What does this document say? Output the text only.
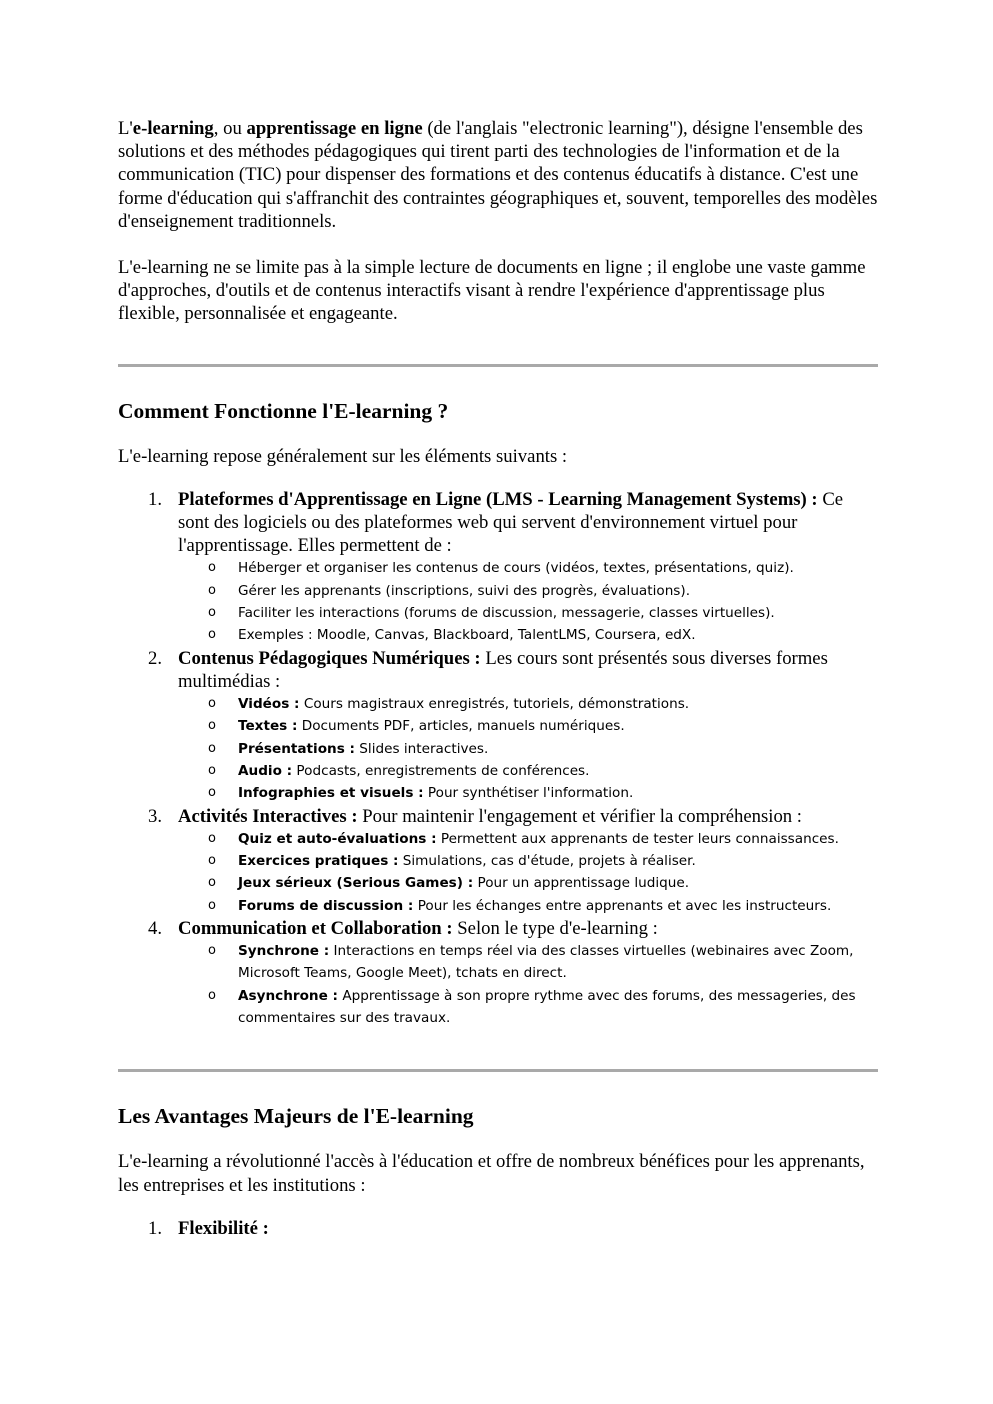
L'e-learning, ou apprentissage en ligne (de l'anglais "electronic learning"), désigne l'ensemble des solutions et des méthodes pédagogiques qui tirent parti des technologies de l'information et de la communication (TIC) pour dispenser des formations et des contenus éducatifs à distance. C'est une forme d'éducation qui s'affranchit des contraintes géographiques et, souvent, temporelles des modèles d'enseignement traditionnels.

L'e-learning ne se limite pas à la simple lecture de documents en ligne ; il englobe une vaste gamme d'approches, d'outils et de contenus interactifs visant à rendre l'expérience d'apprentissage plus flexible, personnalisée et engageante.

Comment Fonctionne l'E-learning ?

L'e-learning repose généralement sur les éléments suivants :

1. Plateformes d'Apprentissage en Ligne (LMS - Learning Management Systems) : Ce sont des logiciels ou des plateformes web qui servent d'environnement virtuel pour l'apprentissage. Elles permettent de :
o Héberger et organiser les contenus de cours (vidéos, textes, présentations, quiz).
o Gérer les apprenants (inscriptions, suivi des progrès, évaluations).
o Faciliter les interactions (forums de discussion, messagerie, classes virtuelles).
o Exemples : Moodle, Canvas, Blackboard, TalentLMS, Coursera, edX.
2. Contenus Pédagogiques Numériques : Les cours sont présentés sous diverses formes multimédias :
o Vidéos : Cours magistraux enregistrés, tutoriels, démonstrations.
o Textes : Documents PDF, articles, manuels numériques.
o Présentations : Slides interactives.
o Audio : Podcasts, enregistrements de conférences.
o Infographies et visuels : Pour synthétiser l'information.
3. Activités Interactives : Pour maintenir l'engagement et vérifier la compréhension :
o Quiz et auto-évaluations : Permettent aux apprenants de tester leurs connaissances.
o Exercices pratiques : Simulations, cas d'étude, projets à réaliser.
o Jeux sérieux (Serious Games) : Pour un apprentissage ludique.
o Forums de discussion : Pour les échanges entre apprenants et avec les instructeurs.
4. Communication et Collaboration : Selon le type d'e-learning :
o Synchrone : Interactions en temps réel via des classes virtuelles (webinaires avec Zoom, Microsoft Teams, Google Meet), tchats en direct.
o Asynchrone : Apprentissage à son propre rythme avec des forums, des messageries, des commentaires sur des travaux.
Les Avantages Majeurs de l'E-learning

L'e-learning a révolutionné l'accès à l'éducation et offre de nombreux bénéfices pour les apprenants, les entreprises et les institutions :

1. Flexibilité :
